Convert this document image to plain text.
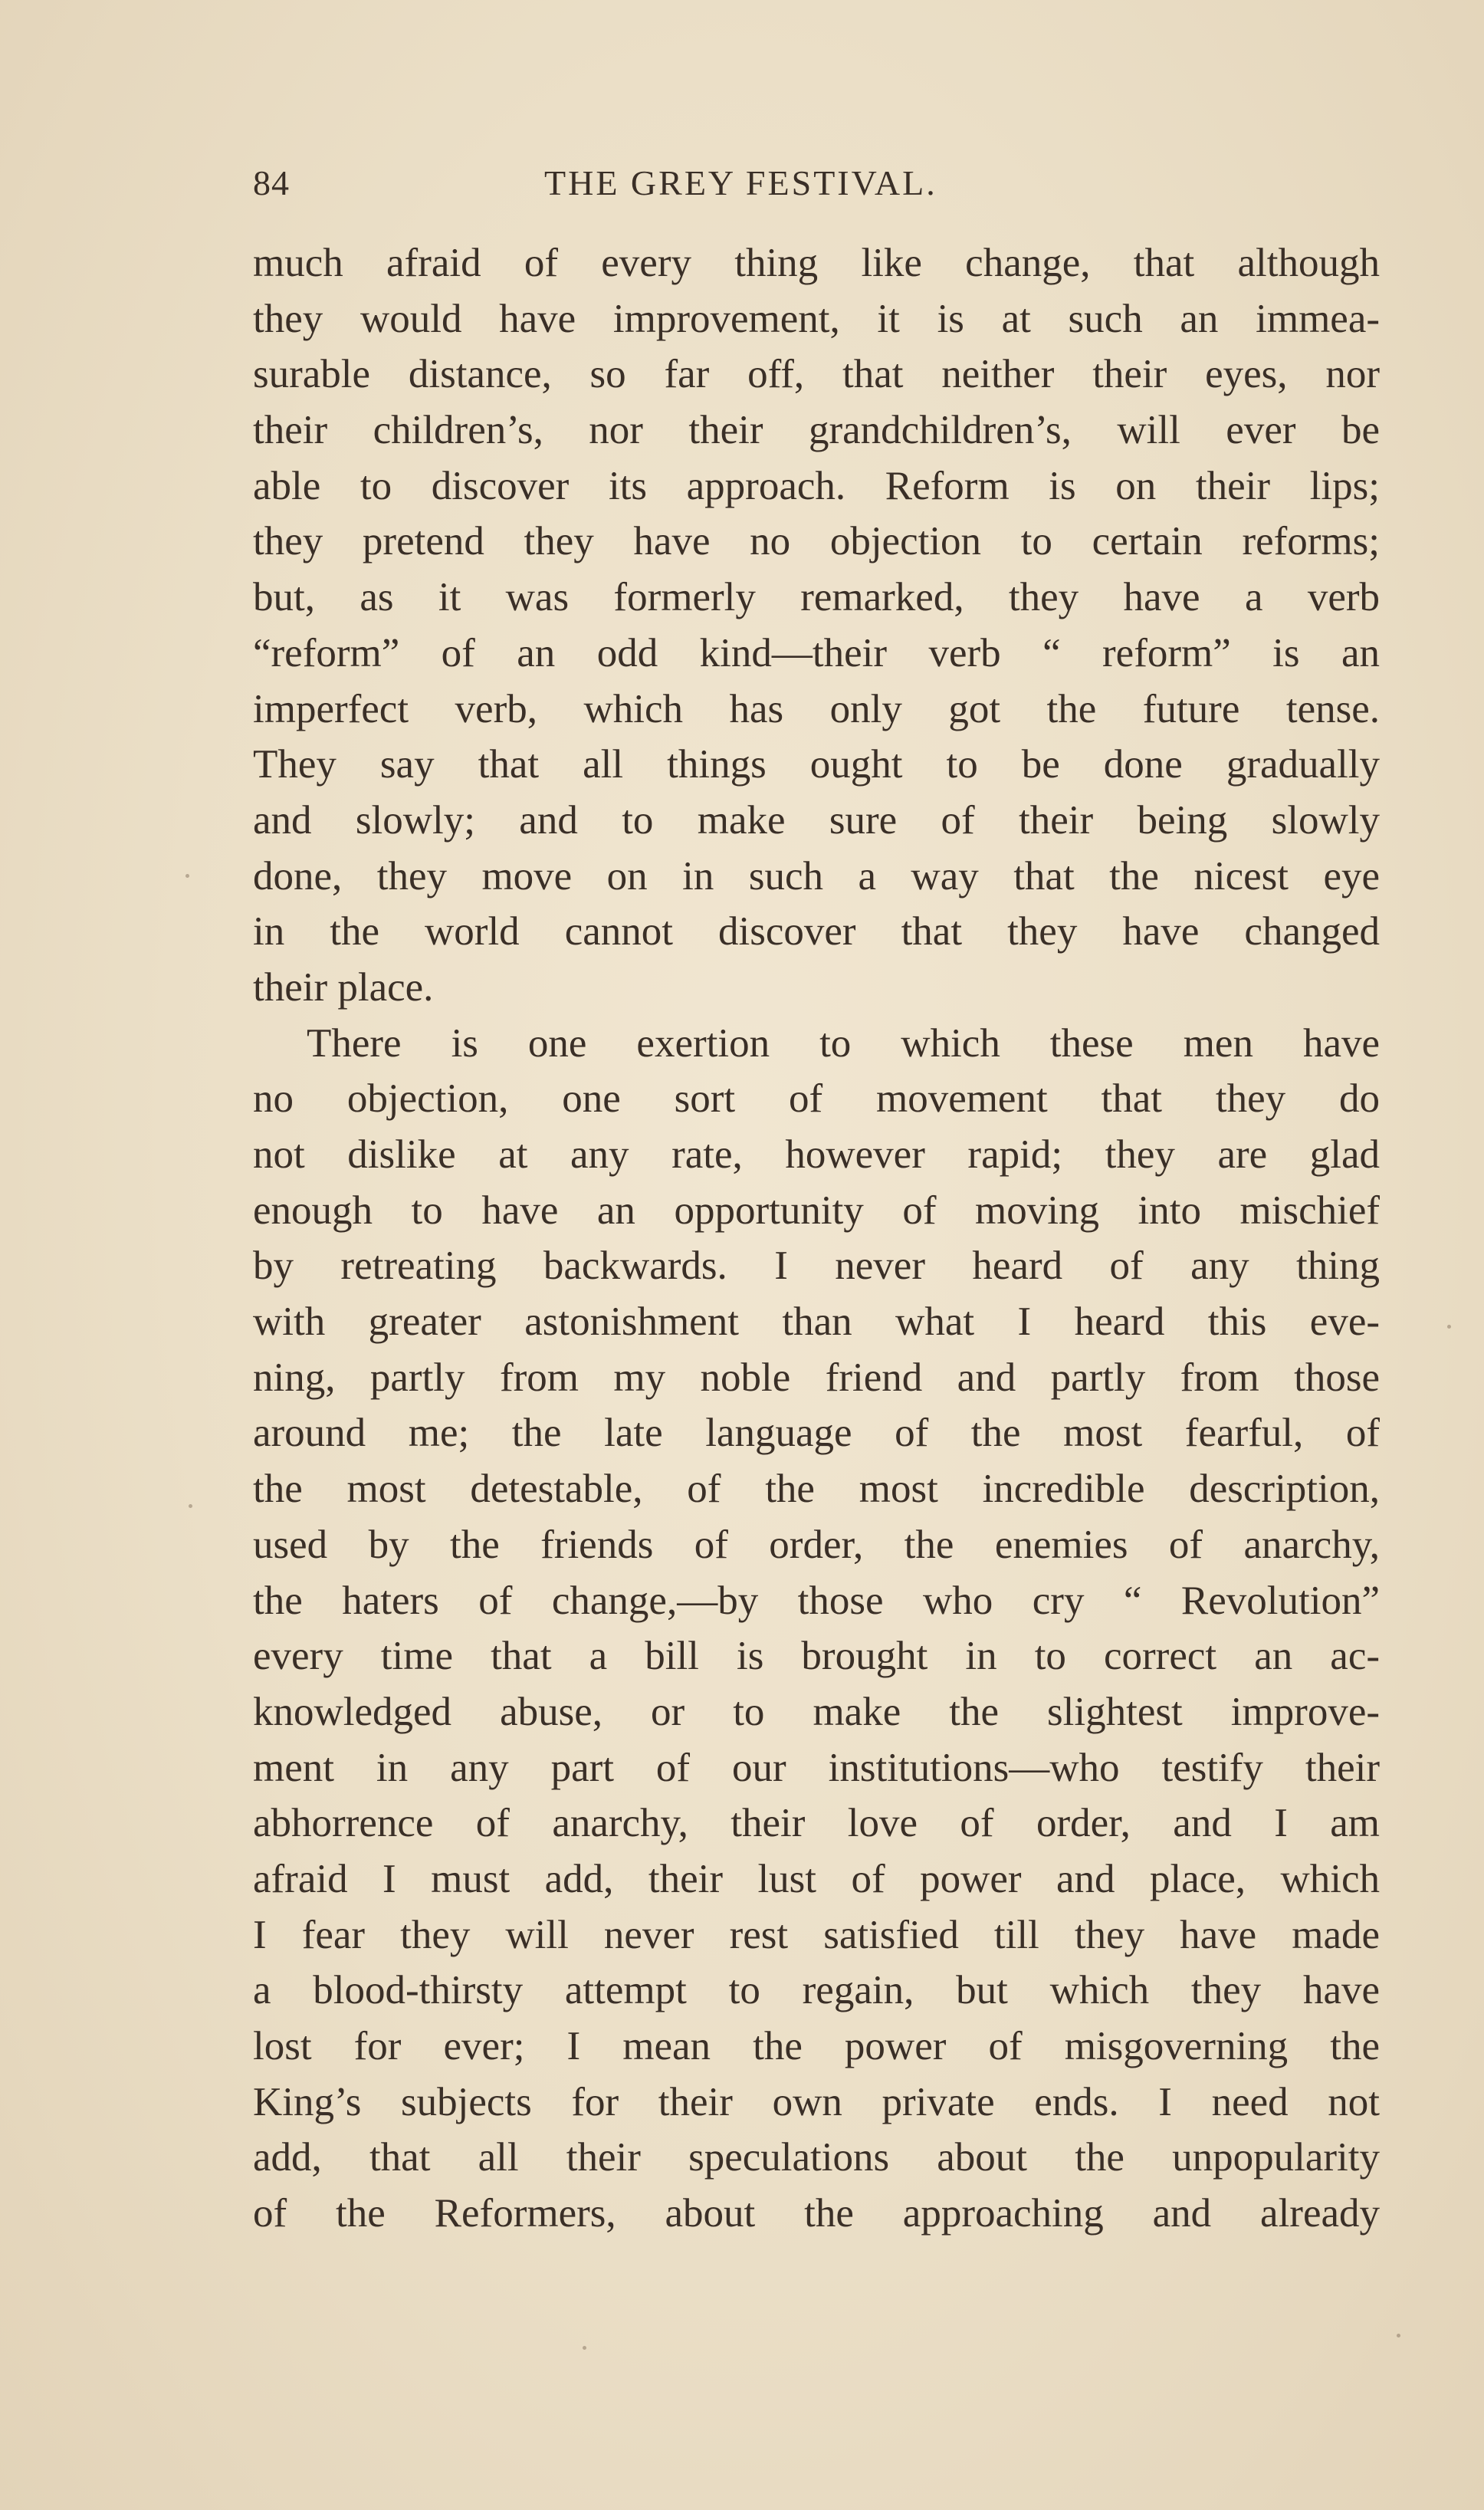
84	THE GREY FESTIVAL.
much afraid of every thing like change, that although
they would have improvement, it is at such an immea-
surable distance, so far off, that neither their eyes, nor
their children’s, nor their grandchildren’s, will ever be
able to discover its approach. Reform is on their lips;
they pretend they have no objection to certain reforms;
but, as it was formerly remarked, they have a verb
“reform” of an odd kind—their verb “ reform” is an
imperfect verb, which has only got the future tense.
They say that all things ought to be done gradually
and slowly; and to make sure of their being slowly
done, they move on in such a way that the nicest eye
in the world cannot discover that they have changed
their place.
There is one exertion to which these men have
no objection, one sort of movement that they do
not dislike at any rate, however rapid; they are glad
enough to have an opportunity of moving into mischief
by retreating backwards. I never heard of any thing
with greater astonishment than what I heard this eve-
ning, partly from my noble friend and partly from those
around me; the late language of the most fearful, of
the most detestable, of the most incredible description,
used by the friends of order, the enemies of anarchy,
the haters of change,—by those who cry “ Revolution”
every time that a bill is brought in to correct an ac-
knowledged abuse, or to make the slightest improve-
ment in any part of our institutions—who testify their
abhorrence of anarchy, their love of order, and I am
afraid I must add, their lust of power and place, which
I fear they will never rest satisfied till they have made
a blood-thirsty attempt to regain, but which they have
lost for ever; I mean the power of misgoverning the
King’s subjects for their own private ends. I need not
add, that all their speculations about the unpopularity
of the Reformers, about the approaching and already
